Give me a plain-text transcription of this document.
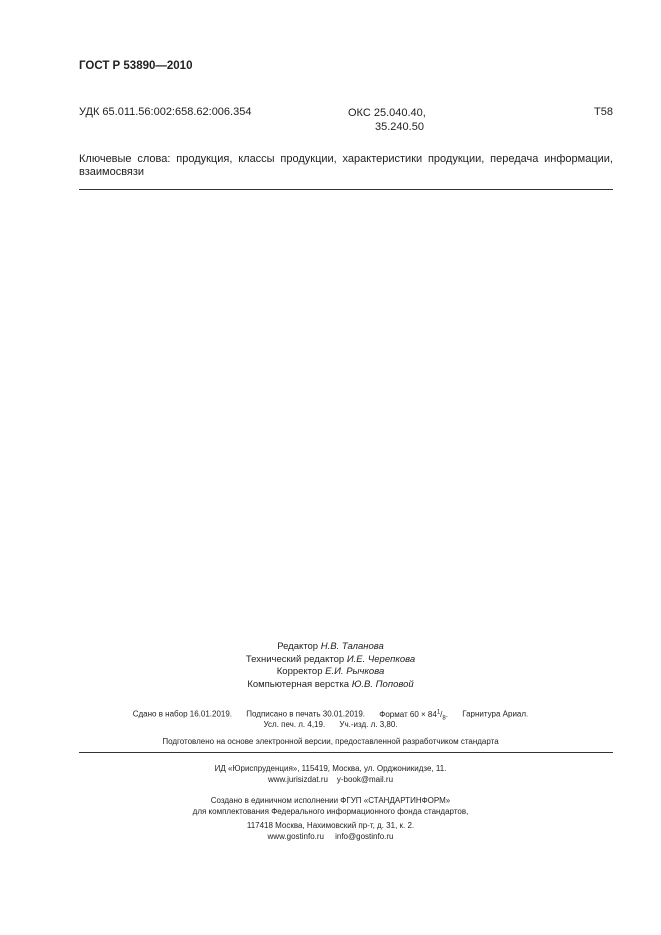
ГОСТ Р 53890—2010
УДК 65.011.56:002:658.62:006.354	ОКС 25.040.40,
35.240.50
Т58
Ключевые слова: продукция, классы продукции, характеристики продукции, передача информации, взаимосвязи
Редактор Н.В. Таланова
Технический редактор И.Е. Черепкова
Корректор Е.И. Рычкова
Компьютерная верстка Ю.В. Поповой
Сдано в набор 16.01.2019. Подписано в печать 30.01.2019. Формат $60 \times 84^1/_8$. Гарнитура Ариал.
Усл. печ. л. 4,19. Уч.-изд. л. 3,80.
Подготовлено на основе электронной версии, предоставленной разработчиком стандарта
ИД «Юриспруденция», 115419, Москва, ул. Орджоникидзе, 11.
www.jurisizdat.ru    y-book@mail.ru
Создано в единичном исполнении ФГУП «СТАНДАРТИНФОРМ»
для комплектования Федерального информационного фонда стандартов,
117418 Москва, Нахимовский пр-т, д. 31, к. 2.
www.gostinfo.ru     info@gostinfo.ru
